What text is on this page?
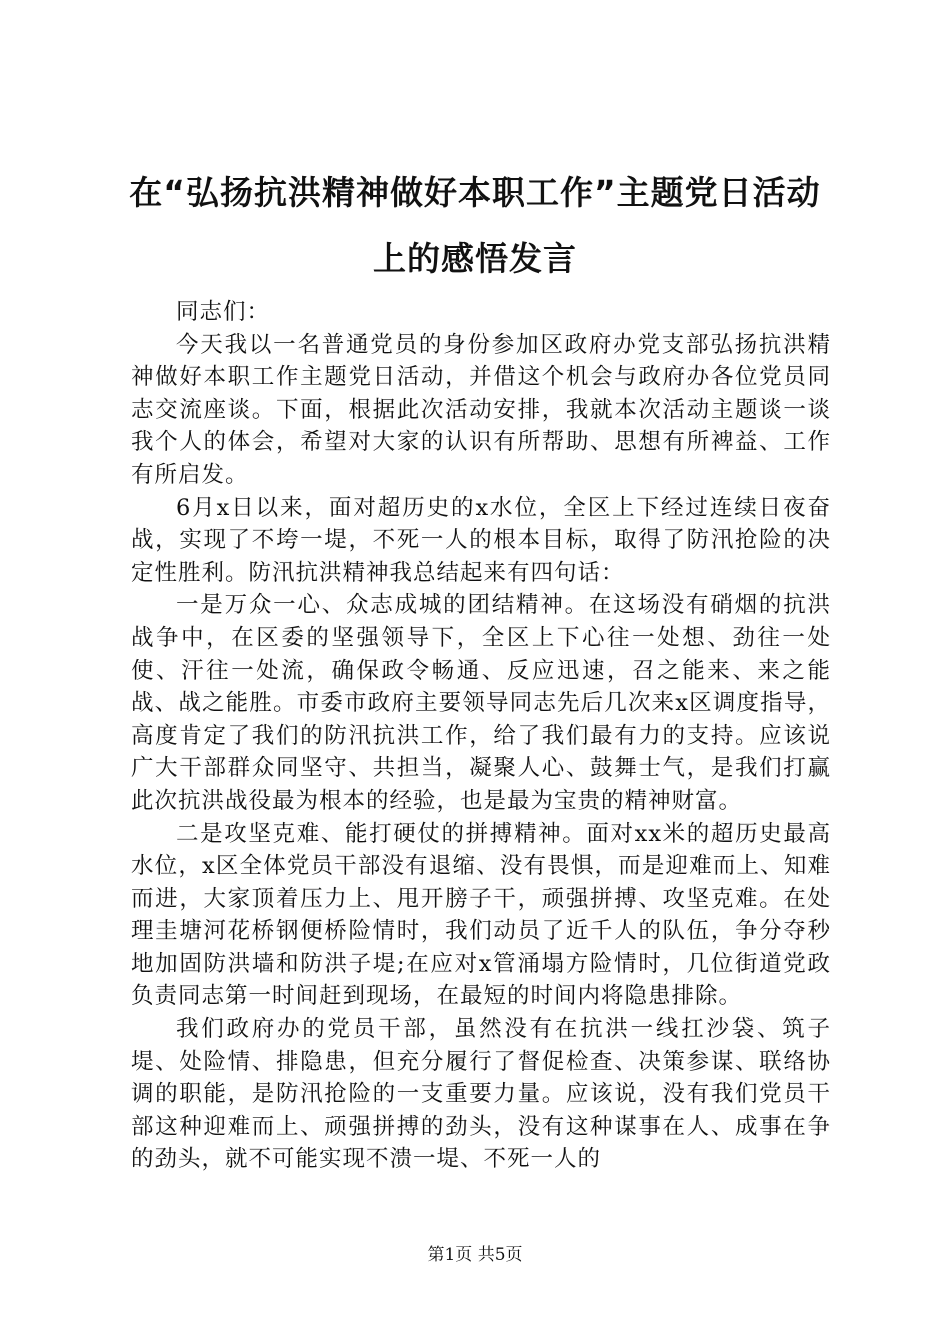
在“弘扬抗洪精神做好本职工作”主题党日活动上的感悟发言

同志们：

今天我以一名普通党员的身份参加区政府办党支部弘扬抗洪精神做好本职工作主题党日活动，并借这个机会与政府办各位党员同志交流座谈。下面，根据此次活动安排，我就本次活动主题谈一谈我个人的体会，希望对大家的认识有所帮助、思想有所裨益、工作有所启发。

6月x日以来，面对超历史的x水位，全区上下经过连续日夜奋战，实现了不垮一堤，不死一人的根本目标，取得了防汛抢险的决定性胜利。防汛抗洪精神我总结起来有四句话：

一是万众一心、众志成城的团结精神。在这场没有硝烟的抗洪战争中，在区委的坚强领导下，全区上下心往一处想、劲往一处使、汗往一处流，确保政令畅通、反应迅速，召之能来、来之能战、战之能胜。市委市政府主要领导同志先后几次来x区调度指导，高度肯定了我们的防汛抗洪工作，给了我们最有力的支持。应该说广大干部群众同坚守、共担当，凝聚人心、鼓舞士气，是我们打赢此次抗洪战役最为根本的经验，也是最为宝贵的精神财富。

二是攻坚克难、能打硬仗的拼搏精神。面对xx米的超历史最高水位，x区全体党员干部没有退缩、没有畏惧，而是迎难而上、知难而进，大家顶着压力上、甩开膀子干，顽强拼搏、攻坚克难。在处理圭塘河花桥钢便桥险情时，我们动员了近千人的队伍，争分夺秒地加固防洪墙和防洪子堤;在应对x管涌塌方险情时，几位街道党政负责同志第一时间赶到现场，在最短的时间内将隐患排除。

我们政府办的党员干部，虽然没有在抗洪一线扛沙袋、筑子堤、处险情、排隐患，但充分履行了督促检查、决策参谋、联络协调的职能，是防汛抢险的一支重要力量。应该说，没有我们党员干部这种迎难而上、顽强拼搏的劲头，没有这种谋事在人、成事在争的劲头，就不可能实现不溃一堤、不死一人的

第1页 共5页
